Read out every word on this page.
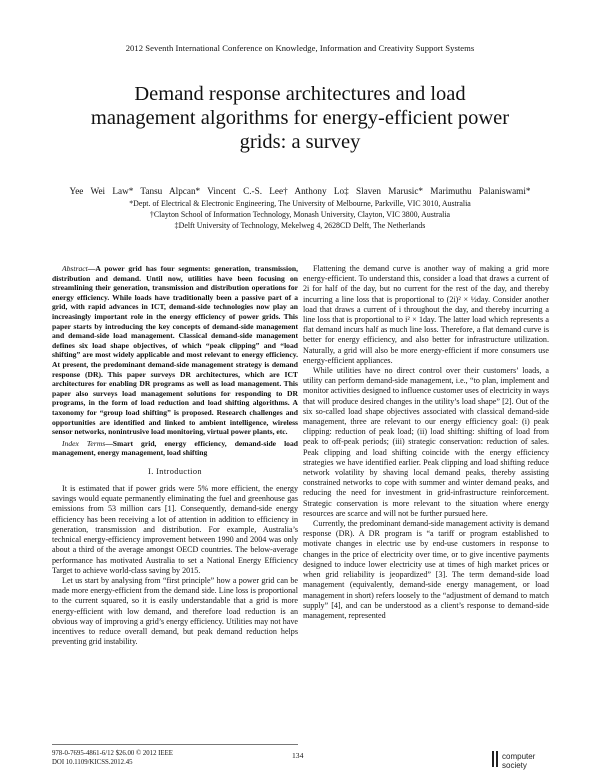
2012 Seventh International Conference on Knowledge, Information and Creativity Support Systems
Demand response architectures and load
management algorithms for energy-efficient power
grids: a survey
Yee Wei Law* Tansu Alpcan* Vincent C.-S. Lee† Anthony Lo‡ Slaven Marusic* Marimuthu Palaniswami*
*Dept. of Electrical & Electronic Engineering, The University of Melbourne, Parkville, VIC 3010, Australia
†Clayton School of Information Technology, Monash University, Clayton, VIC 3800, Australia
‡Delft University of Technology, Mekelweg 4, 2628CD Delft, The Netherlands

Abstract—A power grid has four segments: generation, transmission, distribution and demand. Until now, utilities have been focusing on streamlining their generation, transmission and distribution operations for energy efficiency. While loads have traditionally been a passive part of a grid, with rapid advances in ICT, demand-side technologies now play an increasingly important role in the energy efficiency of power grids. This paper starts by introducing the key concepts of demand-side management and demand-side load management. Classical demand-side management defines six load shape objectives, of which “peak clipping” and “load shifting” are most widely applicable and most relevant to energy efficiency. At present, the predominant demand-side management strategy is demand response (DR). This paper surveys DR architectures, which are ICT architectures for enabling DR programs as well as load management. This paper also surveys load management solutions for responding to DR programs, in the form of load reduction and load shifting algorithms. A taxonomy for “group load shifting” is proposed. Research challenges and opportunities are identified and linked to ambient intelligence, wireless sensor networks, nonintrusive load monitoring, virtual power plants, etc.

Index Terms—Smart grid, energy efficiency, demand-side load management, energy management, load shifting

I. Introduction

It is estimated that if power grids were 5% more efficient, the energy savings would equate permanently eliminating the fuel and greenhouse gas emissions from 53 million cars [1]. Consequently, demand-side energy efficiency has been receiving a lot of attention in addition to efficiency in generation, transmission and distribution. For example, Australia’s technical energy-efficiency improvement between 1990 and 2004 was only about a third of the average amongst OECD countries. The below-average performance has motivated Australia to set a National Energy Efficiency Target to achieve world-class saving by 2015.

Let us start by analysing from “first principle” how a power grid can be made more energy-efficient from the demand side. Line loss is proportional to the current squared, so it is easily understandable that a grid is more energy-efficient with low demand, and therefore load reduction is an obvious way of improving a grid’s energy efficiency. Utilities may not have incentives to reduce overall demand, but peak demand reduction helps preventing grid instability.

Flattening the demand curve is another way of making a grid more energy-efficient. To understand this, consider a load that draws a current of 2i for half of the day, but no current for the rest of the day, and thereby incurring a line loss that is proportional to (2i)² × ½day. Consider another load that draws a current of i throughout the day, and thereby incurring a line loss that is proportional to i² × 1day. The latter load which represents a flat demand incurs half as much line loss. Therefore, a flat demand curve is better for energy efficiency, and also better for infrastructure utilization. Naturally, a grid will also be more energy-efficient if more consumers use energy-efficient appliances.

While utilities have no direct control over their customers’ loads, a utility can perform demand-side management, i.e., “to plan, implement and monitor activities designed to influence customer uses of electricity in ways that will produce desired changes in the utility’s load shape” [2]. Out of the six so-called load shape objectives associated with classical demand-side management, three are relevant to our energy efficiency goal: (i) peak clipping: reduction of peak load; (ii) load shifting: shifting of load from peak to off-peak periods; (iii) strategic conservation: reduction of sales. Peak clipping and load shifting coincide with the energy efficiency strategies we have identified earlier. Peak clipping and load shifting reduce network volatility by shaving local demand peaks, thereby assisting constrained networks to cope with summer and winter demand peaks, and reducing the need for investment in grid-infrastructure reinforcement. Strategic conservation is more relevant to the situation where energy resources are scarce and will not be further pursued here.

Currently, the predominant demand-side management activity is demand response (DR). A DR program is “a tariff or program established to motivate changes in electric use by end-use customers in response to changes in the price of electricity over time, or to give incentive payments designed to induce lower electricity use at times of high market prices or when grid reliability is jeopardized” [3]. The term demand-side load management (equivalently, demand-side energy management, or load management in short) refers loosely to the “adjustment of demand to match supply” [4], and can be understood as a client’s response to demand-side management, represented

978-0-7695-4861-6/12 $26.00 © 2012 IEEE
DOI 10.1109/KICSS.2012.45
134	computer
society
